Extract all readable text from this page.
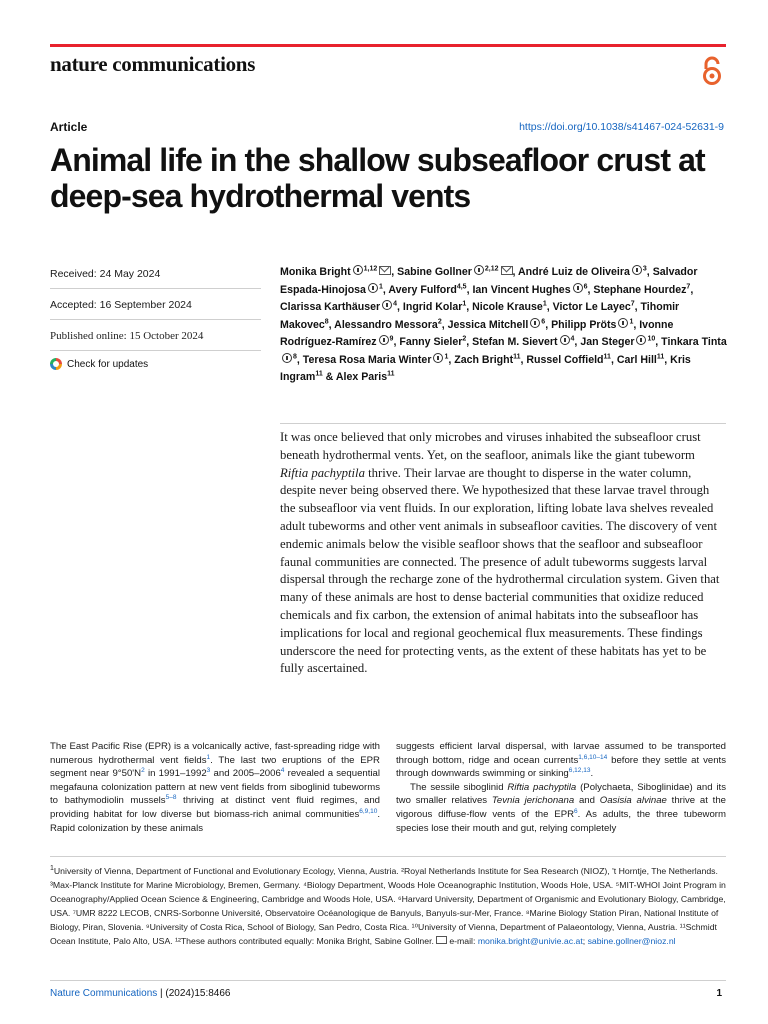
nature communications
Article	https://doi.org/10.1038/s41467-024-52631-9
Animal life in the shallow subseafloor crust at deep-sea hydrothermal vents
Received: 24 May 2024
Accepted: 16 September 2024
Published online: 15 October 2024
Check for updates

Monika Bright $^{1,12}$ , Sabine Gollner $^{2,12}$ , André Luiz de Oliveira $^3$, Salvador Espada-Hinojosa $^1$, Avery Fulford$^{4,5}$, Ian Vincent Hughes $^6$, Stephane Hourdez$^7$, Clarissa Karthäuser $^4$, Ingrid Kolar$^1$, Nicole Krause$^1$, Victor Le Layec$^7$, Tihomir Makovec$^8$, Alessandro Messora$^2$, Jessica Mitchell $^6$, Philipp Pröts $^1$, Ivonne Rodríguez-Ramírez $^9$, Fanny Sieler$^2$, Stefan M. Sievert $^4$, Jan Steger $^{10}$, Tinkara Tinta$^8$, Teresa Rosa Maria Winter $^1$, Zach Bright$^{11}$, Russel Coffield$^{11}$, Carl Hill$^{11}$, Kris Ingram$^{11}$ & Alex Paris$^{11}$

It was once believed that only microbes and viruses inhabited the subseafloor crust beneath hydrothermal vents. Yet, on the seafloor, animals like the giant tubeworm Riftia pachyptila thrive. Their larvae are thought to disperse in the water column, despite never being observed there. We hypothesized that these larvae travel through the subseafloor via vent fluids. In our exploration, lifting lobate lava shelves revealed adult tubeworms and other vent animals in subseafloor cavities. The discovery of vent endemic animals below the visible seafloor shows that the seafloor and subseafloor faunal communities are connected. The presence of adult tubeworms suggests larval dispersal through the recharge zone of the hydrothermal circulation system. Given that many of these animals are host to dense bacterial communities that oxidize reduced chemicals and fix carbon, the extension of animal habitats into the subseafloor has implications for local and regional geochemical flux measurements. These findings underscore the need for protecting vents, as the extent of these habitats has yet to be fully ascertained.

The East Pacific Rise (EPR) is a volcanically active, fast-spreading ridge with numerous hydrothermal vent fields$^1$. The last two eruptions of the EPR segment near 9°50'N$^2$ in 1991–1992$^3$ and 2005–2006$^4$ revealed a sequential megafauna colonization pattern at new vent fields from siboglinid tubeworms to bathymodiolin mussels$^{5-8}$ thriving at distinct vent fluid regimes, and providing habitat for low diverse but biomass-rich animal communities$^{6,9,10}$. Rapid colonization by these animals

suggests efficient larval dispersal, with larvae assumed to be transported through bottom, ridge and ocean currents$^{1,6,10-14}$ before they settle at vents through downwards swimming or sinking$^{6,12,13}$.

The sessile siboglinid Riftia pachyptila (Polychaeta, Siboglinidae) and its two smaller relatives Tevnia jerichonana and Oasisia alvinae thrive at the vigorous diffuse-flow vents of the EPR$^6$. As adults, the three tubeworm species lose their mouth and gut, relying completely

$^1$University of Vienna, Department of Functional and Evolutionary Ecology, Vienna, Austria. ²Royal Netherlands Institute for Sea Research (NIOZ), 't Horntje, The Netherlands. ³Max-Planck Institute for Marine Microbiology, Bremen, Germany. ⁴Biology Department, Woods Hole Oceanographic Institution, Woods Hole, USA. ⁵MIT-WHOI Joint Program in Oceanography/Applied Ocean Science & Engineering, Cambridge and Woods Hole, USA. ⁶Harvard University, Department of Organismic and Evolutionary Biology, Cambridge, USA. ⁷UMR 8222 LECOB, CNRS-Sorbonne Université, Observatoire Océanologique de Banyuls, Banyuls-sur-Mer, France. ⁸Marine Biology Station Piran, National Institute of Biology, Piran, Slovenia. ⁹University of Costa Rica, School of Biology, San Pedro, Costa Rica. ¹⁰University of Vienna, Department of Palaeontology, Vienna, Austria. ¹¹Schmidt Ocean Institute, Palo Alto, USA. ¹²These authors contributed equally: Monika Bright, Sabine Gollner. e-mail: monika.bright@univie.ac.at; sabine.gollner@nioz.nl

Nature Communications | (2024)15:8466	1
